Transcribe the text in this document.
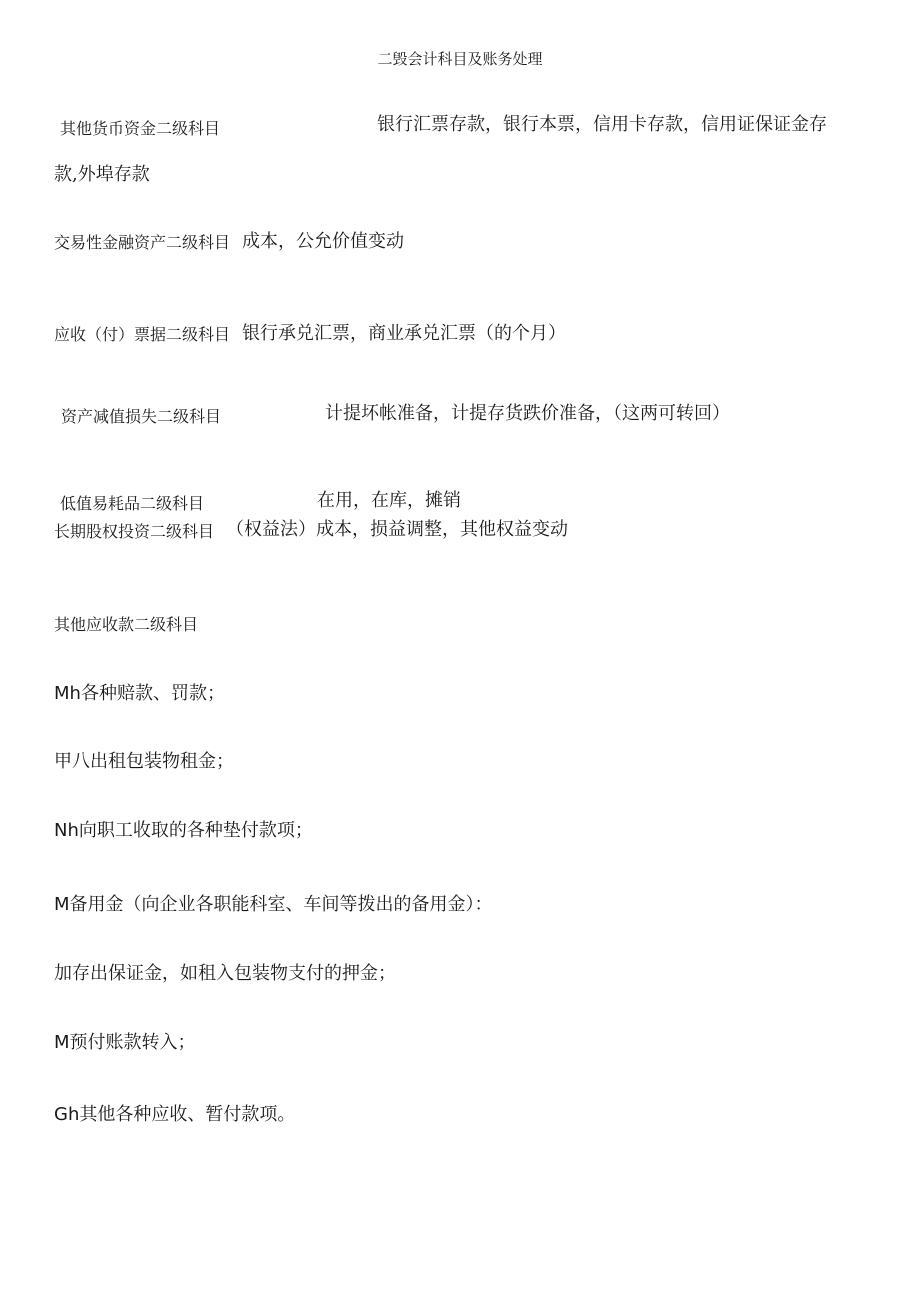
二毁会计科目及账务处理
其他货币资金二级科目	银行汇票存款，银行本票，信用卡存款，信用证保证金存
款,外埠存款
交易性金融资产二级科目 成本，公允价值变动
应收（付）票据二级科目 银行承兑汇票，商业承兑汇票（的个月）
资产减值损失二级科目	计提坏帐准备，计提存货跌价准备，（这两可转回）
低值易耗品二级科目	在用，在库，摊销
长期股权投资二级科目 （权益法）成本，损益调整，其他权益变动
其他应收款二级科目
Mh各种赔款、罚款；
甲八出租包装物租金；
Nh向职工收取的各种垫付款项；
M备用金（向企业各职能科室、车间等拨出的备用金）：
加存出保证金，如租入包装物支付的押金；
M预付账款转入；
Gh其他各种应收、暂付款项。
